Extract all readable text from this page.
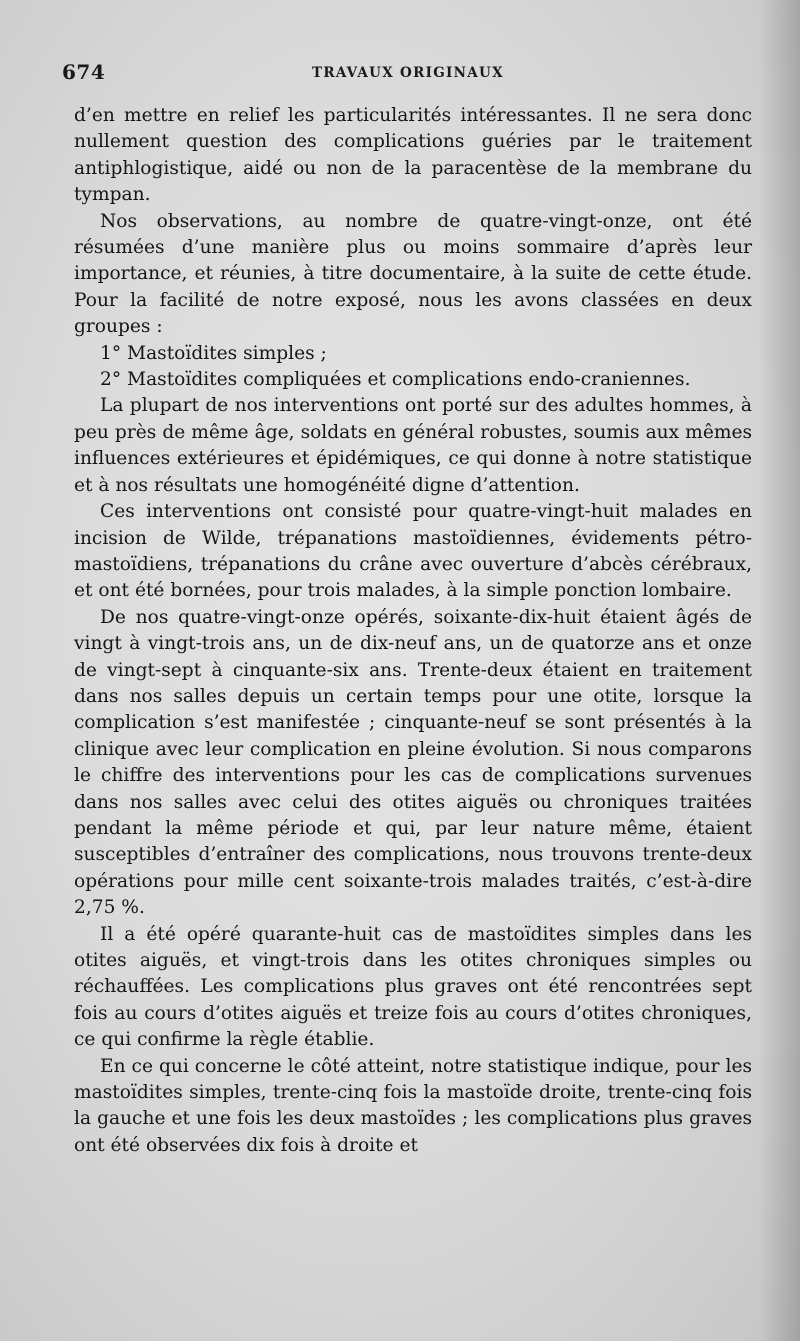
674	TRAVAUX ORIGINAUX

d’en mettre en relief les particularités intéressantes. Il ne sera donc nullement question des complications guéries par le traitement antiphlogistique, aidé ou non de la paracentèse de la membrane du tympan.

Nos observations, au nombre de quatre-vingt-onze, ont été résumées d’une manière plus ou moins sommaire d’après leur importance, et réunies, à titre documentaire, à la suite de cette étude. Pour la facilité de notre exposé, nous les avons classées en deux groupes :

1° Mastoïdites simples ;

2° Mastoïdites compliquées et complications endo-craniennes.

La plupart de nos interventions ont porté sur des adultes hommes, à peu près de même âge, soldats en général robustes, soumis aux mêmes influences extérieures et épidémiques, ce qui donne à notre statistique et à nos résultats une homogénéité digne d’attention.

Ces interventions ont consisté pour quatre-vingt-huit malades en incision de Wilde, trépanations mastoïdiennes, évidements pétro-mastoïdiens, trépanations du crâne avec ouverture d’abcès cérébraux, et ont été bornées, pour trois malades, à la simple ponction lombaire.

De nos quatre-vingt-onze opérés, soixante-dix-huit étaient âgés de vingt à vingt-trois ans, un de dix-neuf ans, un de quatorze ans et onze de vingt-sept à cinquante-six ans. Trente-deux étaient en traitement dans nos salles depuis un certain temps pour une otite, lorsque la complication s’est manifestée ; cinquante-neuf se sont présentés à la clinique avec leur complication en pleine évolution. Si nous comparons le chiffre des interventions pour les cas de complications survenues dans nos salles avec celui des otites aiguës ou chroniques traitées pendant la même période et qui, par leur nature même, étaient susceptibles d’entraîner des complications, nous trouvons trente-deux opérations pour mille cent soixante-trois malades traités, c’est-à-dire 2,75 %.

Il a été opéré quarante-huit cas de mastoïdites simples dans les otites aiguës, et vingt-trois dans les otites chroniques simples ou réchauffées. Les complications plus graves ont été rencontrées sept fois au cours d’otites aiguës et treize fois au cours d’otites chroniques, ce qui confirme la règle établie.

En ce qui concerne le côté atteint, notre statistique indique, pour les mastoïdites simples, trente-cinq fois la mastoïde droite, trente-cinq fois la gauche et une fois les deux mastoïdes ; les complications plus graves ont été observées dix fois à droite et
